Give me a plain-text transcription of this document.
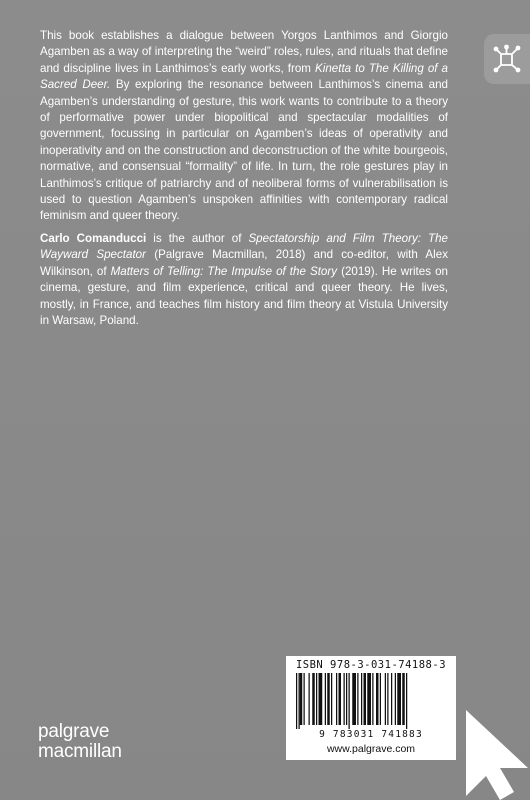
This book establishes a dialogue between Yorgos Lanthimos and Giorgio Agamben as a way of interpreting the “weird” roles, rules, and rituals that define and discipline lives in Lanthimos’s early works, from Kinetta to The Killing of a Sacred Deer. By exploring the resonance between Lanthimos’s cinema and Agamben’s understanding of gesture, this work wants to contribute to a theory of performative power under biopolitical and spectacular modalities of government, focussing in particular on Agamben’s ideas of operativity and inoperativity and on the construction and deconstruction of the white bourgeois, normative, and consensual “formality” of life. In turn, the role gestures play in Lanthimos’s critique of patriarchy and of neoliberal forms of vulnerabilisation is used to question Agamben’s unspoken affinities with contemporary radical feminism and queer theory.

Carlo Comanducci is the author of Spectatorship and Film Theory: The Wayward Spectator (Palgrave Macmillan, 2018) and co-editor, with Alex Wilkinson, of Matters of Telling: The Impulse of the Story (2019). He writes on cinema, gesture, and film experience, critical and queer theory. He lives, mostly, in France, and teaches film history and film theory at Vistula University in Warsaw, Poland.

ISBN 978-3-031-74188-3
9 783031 741883
www.palgrave.com
palgrave
macmillan
